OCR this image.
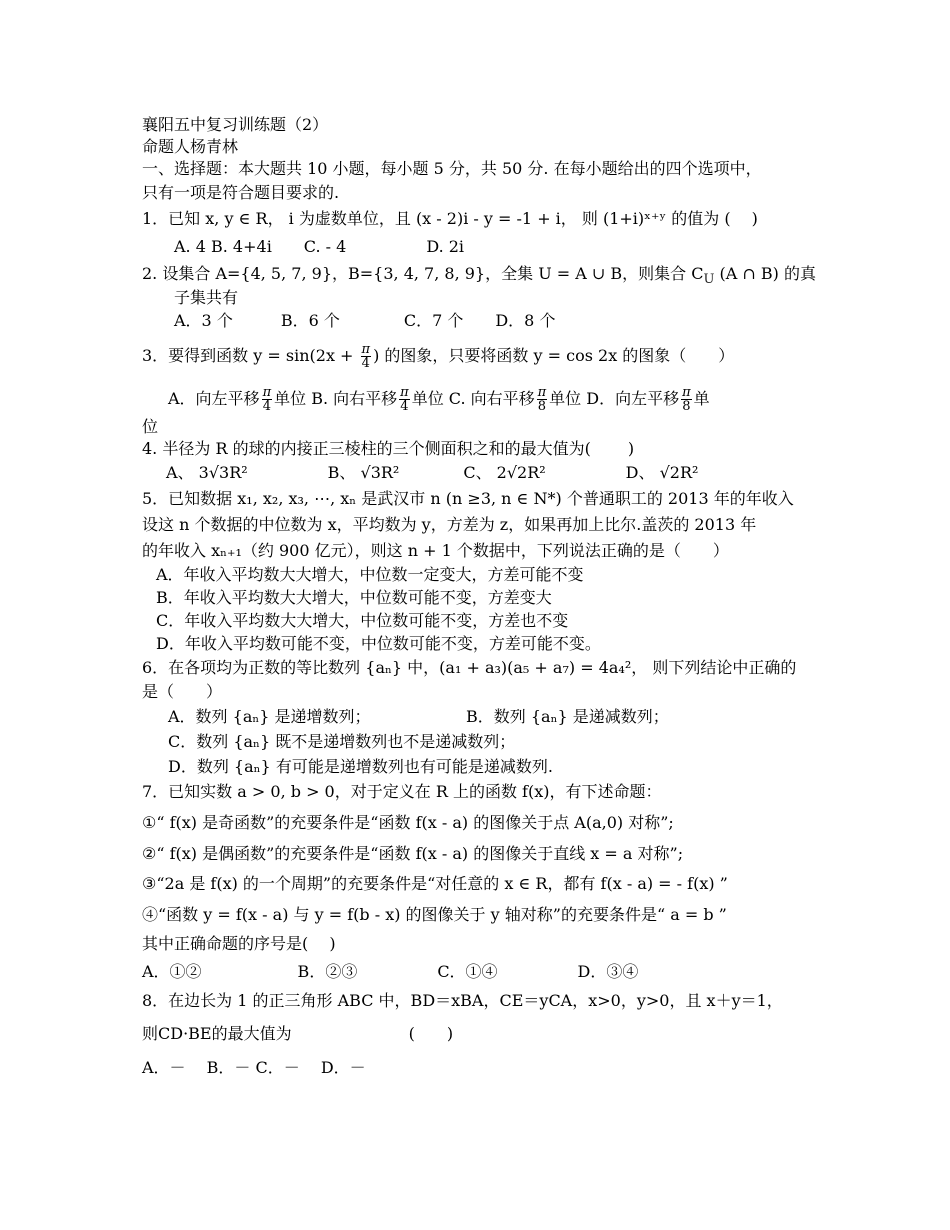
襄阳五中复习训练题（2）
命题人杨青林
一、选择题：本大题共 10 小题，每小题 5 分，共 50 分. 在每小题给出的四个选项中，
只有一项是符合题目要求的.
1．已知 x, y ∈ R， i 为虚数单位，且 (x - 2)i - y = -1 + i， 则 (1+i)ˣ⁺ʸ 的值为 (　 )
A. 4 B. 4+4i　　C. - 4　　　　　D. 2i
2. 设集合 A={4, 5, 7, 9}，B={3, 4, 7, 8, 9}，全集 U = A ∪ B，则集合 $C_U$ (A ∩ B) 的真
子集共有
A．3 个　　　B．6 个　　　　C．7 个　　D．8 个
3．要得到函数 $y = \sin(2x + \frac{\pi}{4}$ ) 的图象，只要将函数 y = cos 2x 的图象（　　）
A．向左平移 $\frac{\pi}{4}$ 单位 B. 向右平移 $\frac{\pi}{4}$ 单位 C. 向右平移 $\frac{\pi}{8}$ 单位 D．向左平移 $\frac{\pi}{8}$ 单
位
4. 半径为 R 的球的内接正三棱柱的三个侧面积之和的最大值为(　　 )
A、 3√3R²　　　　　B、 √3R²　　　　C、 2√2R²　　　　　D、 √2R²
5．已知数据 x₁, x₂, x₃, ⋯, xₙ 是武汉市 n (n ≥3, n ∈ N*) 个普通职工的 2013 年的年收入
设这 n 个数据的中位数为 x，平均数为 y，方差为 z，如果再加上比尔.盖茨的 2013 年
的年收入 xₙ₊₁（约 900 亿元），则这 n + 1 个数据中，下列说法正确的是（　　）
A．年收入平均数大大增大，中位数一定变大，方差可能不变
B．年收入平均数大大增大，中位数可能不变，方差变大
C．年收入平均数大大增大，中位数可能不变，方差也不变
D．年收入平均数可能不变，中位数可能不变，方差可能不变。
6．在各项均为正数的等比数列 {aₙ} 中，(a₁ + a₃)(a₅ + a₇) = 4a₄²， 则下列结论中正确的
是（　　）
A．数列 {aₙ} 是递增数列；	B．数列 {aₙ} 是递减数列；
C．数列 {aₙ} 既不是递增数列也不是递减数列；
D．数列 {aₙ} 有可能是递增数列也有可能是递减数列.
7．已知实数 a > 0, b > 0，对于定义在 R 上的函数 f(x)，有下述命题：
①“ f(x) 是奇函数”的充要条件是“函数 f(x - a) 的图像关于点 A(a,0) 对称”;
②“ f(x) 是偶函数”的充要条件是“函数 f(x - a) 的图像关于直线 x = a 对称”;
③“2a 是 f(x) 的一个周期”的充要条件是“对任意的 x ∈ R，都有 f(x - a) = - f(x) ”
④“函数 y = f(x - a) 与 y = f(b - x) 的图像关于 y 轴对称”的充要条件是“ a = b ”
其中正确命题的序号是(　 )
A．①②　　　　　　B．②③　　　　　C．①④　　　　　D．③④
8．在边长为 1 的正三角形 ABC 中，BD＝xBA，CE＝yCA，x>0，y>0，且 x＋y＝1，
则CD·BE的最大值为　　　　　　　 (　　)
A．－　 B．－ C．－　 D．－
